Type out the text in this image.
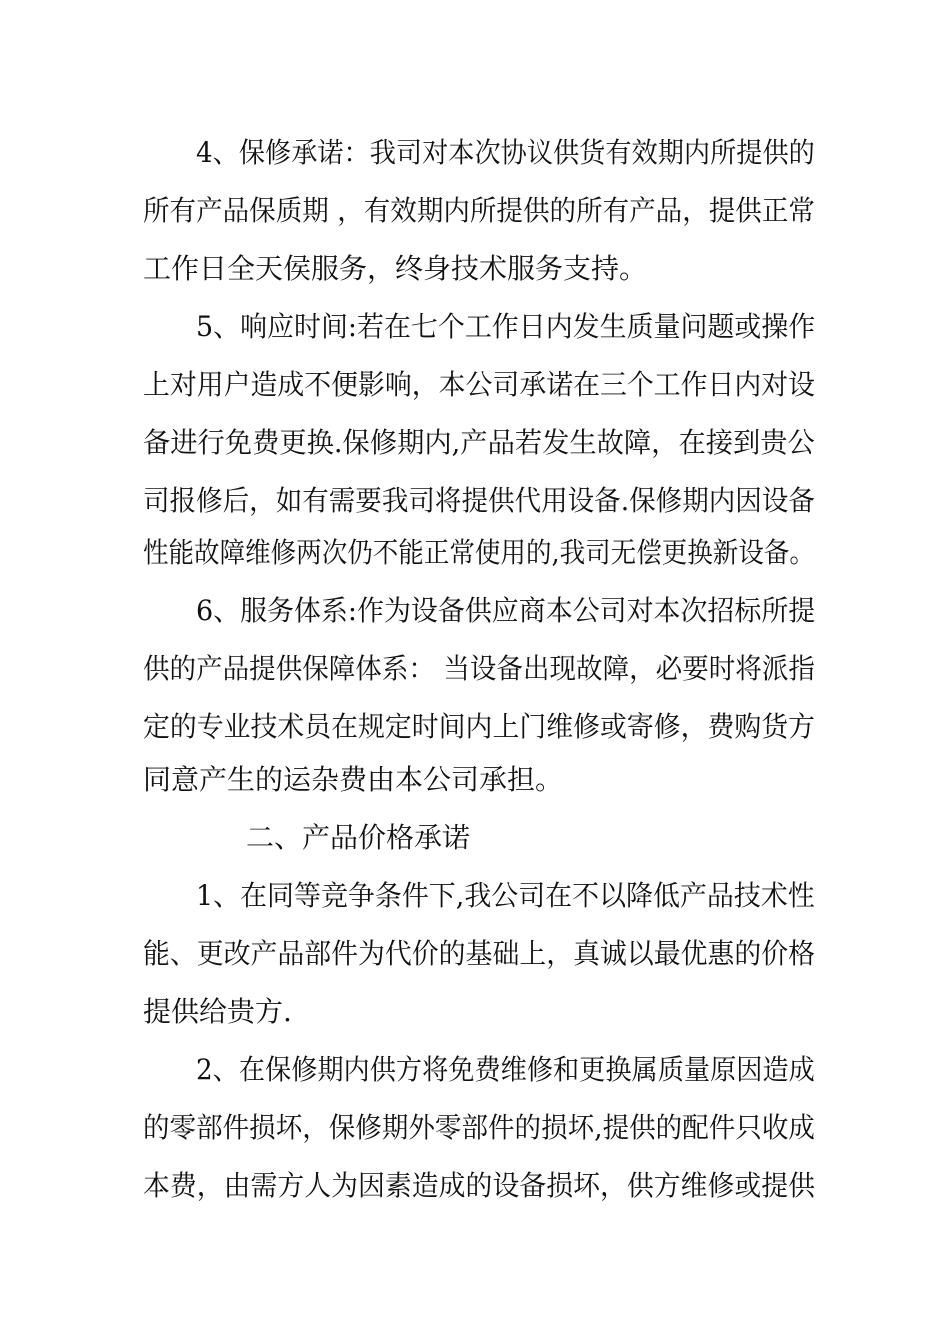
4、保修承诺：我司对本次协议供货有效期内所提供的
所有产品保质期 ，有效期内所提供的所有产品，提供正常
工作日全天侯服务，终身技术服务支持。
5、响应时间:若在七个工作日内发生质量问题或操作
上对用户造成不便影响，本公司承诺在三个工作日内对设
备进行免费更换.保修期内,产品若发生故障，在接到贵公
司报修后，如有需要我司将提供代用设备.保修期内因设备
性能故障维修两次仍不能正常使用的,我司无偿更换新设备。
6、服务体系:作为设备供应商本公司对本次招标所提
供的产品提供保障体系： 当设备出现故障，必要时将派指
定的专业技术员在规定时间内上门维修或寄修，费购货方
同意产生的运杂费由本公司承担。
二、产品价格承诺
1、在同等竞争条件下,我公司在不以降低产品技术性
能、更改产品部件为代价的基础上，真诚以最优惠的价格
提供给贵方.
2、在保修期内供方将免费维修和更换属质量原因造成
的零部件损坏，保修期外零部件的损坏,提供的配件只收成
本费，由需方人为因素造成的设备损坏，供方维修或提供
